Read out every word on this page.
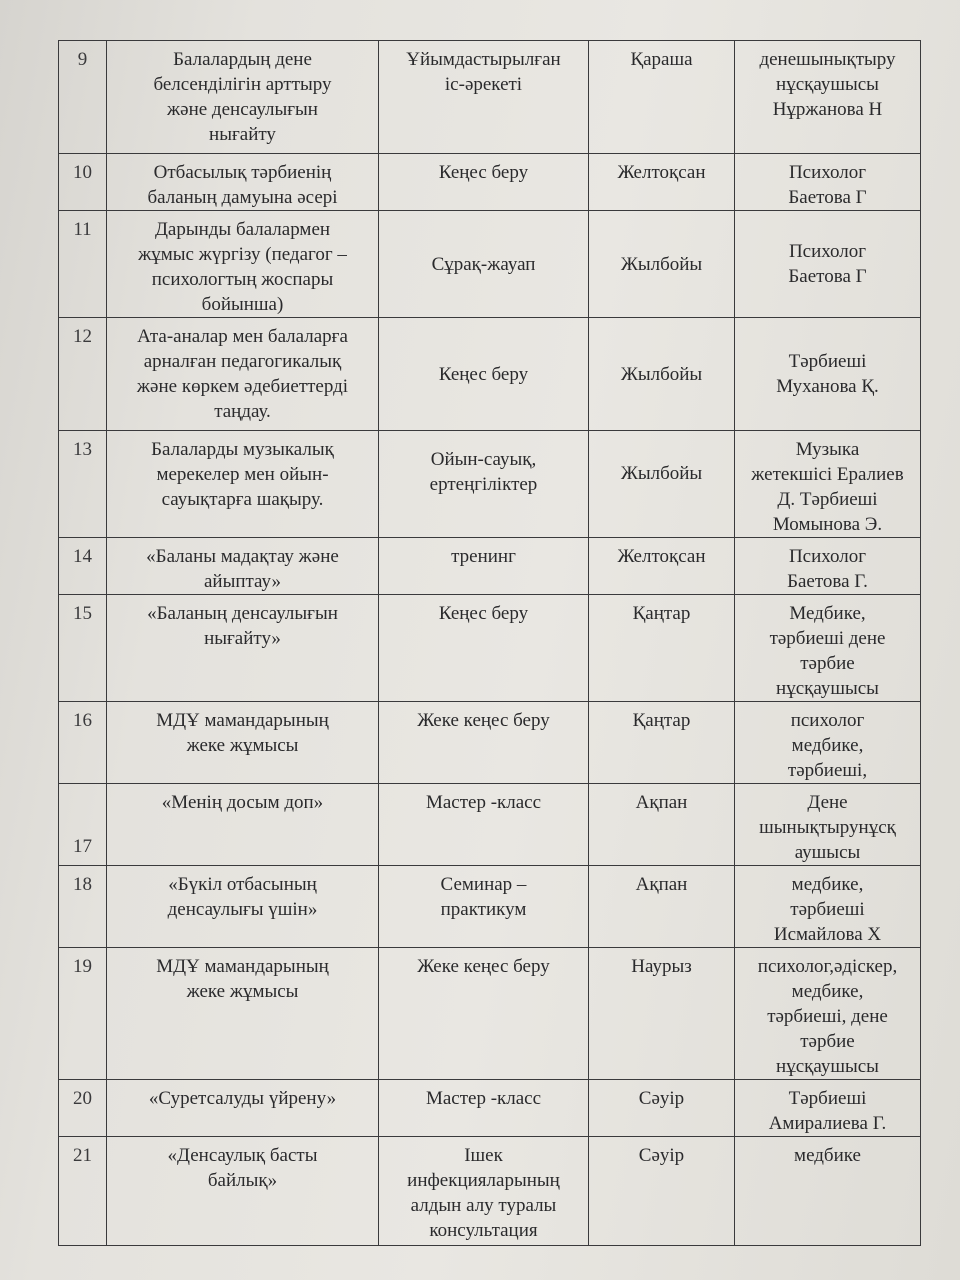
9	Балалардың дене
белсенділігін арттыру
және денсаулығын
нығайту	Ұйымдастырылған
іс-әрекеті	Қараша	денешынықтыру
нұсқаушысы
Нұржанова Н

10	Отбасылық тәрбиенің
баланың дамуына әсері	Кеңес беру	Желтоқсан	Психолог
Баетова Г

11	Дарынды балалармен
жұмыс жүргізу (педагог –
психологтың жоспары
бойынша)	Сұрақ-жауап	Жылбойы	Психолог
Баетова Г

12	Ата-аналар мен балаларға
арналған педагогикалық
және көркем әдебиеттерді
таңдау.	Кеңес беру	Жылбойы	Тәрбиеші
Муханова Қ.

13	Балаларды музыкалық
мерекелер мен ойын-
сауықтарға шақыру.	Ойын-сауық,
ертеңгіліктер	Жылбойы	Музыка
жетекшісі Ералиев
Д. Тәрбиеші
Момынова Э.

14	«Баланы мадақтау және
айыптау»	тренинг	Желтоқсан	Психолог
Баетова Г.

15	«Баланың денсаулығын
нығайту»	Кеңес беру	Қаңтар	Медбике,
тәрбиеші дене
тәрбие
нұсқаушысы

16	МДҰ мамандарының
жеке жұмысы	Жеке кеңес беру	Қаңтар	психолог
медбике,
тәрбиеші,

17	«Менің досым доп»	Мастер -класс	Ақпан	Дене
шынықтырунұсқ
аушысы

18	«Бүкіл отбасының
денсаулығы үшін»	Семинар –
практикум	Ақпан	медбике,
тәрбиеші
Исмайлова Х

19	МДҰ мамандарының
жеке жұмысы	Жеке кеңес беру	Наурыз	психолог,әдіскер,
медбике,
тәрбиеші, дене
тәрбие
нұсқаушысы

20	«Суретсалуды үйрену»	Мастер -класс	Сәуір	Тәрбиеші
Амиралиева Г.

21	«Денсаулық басты
байлық»	Ішек
инфекцияларының
алдын алу туралы
консультация	Сәуір	медбике
